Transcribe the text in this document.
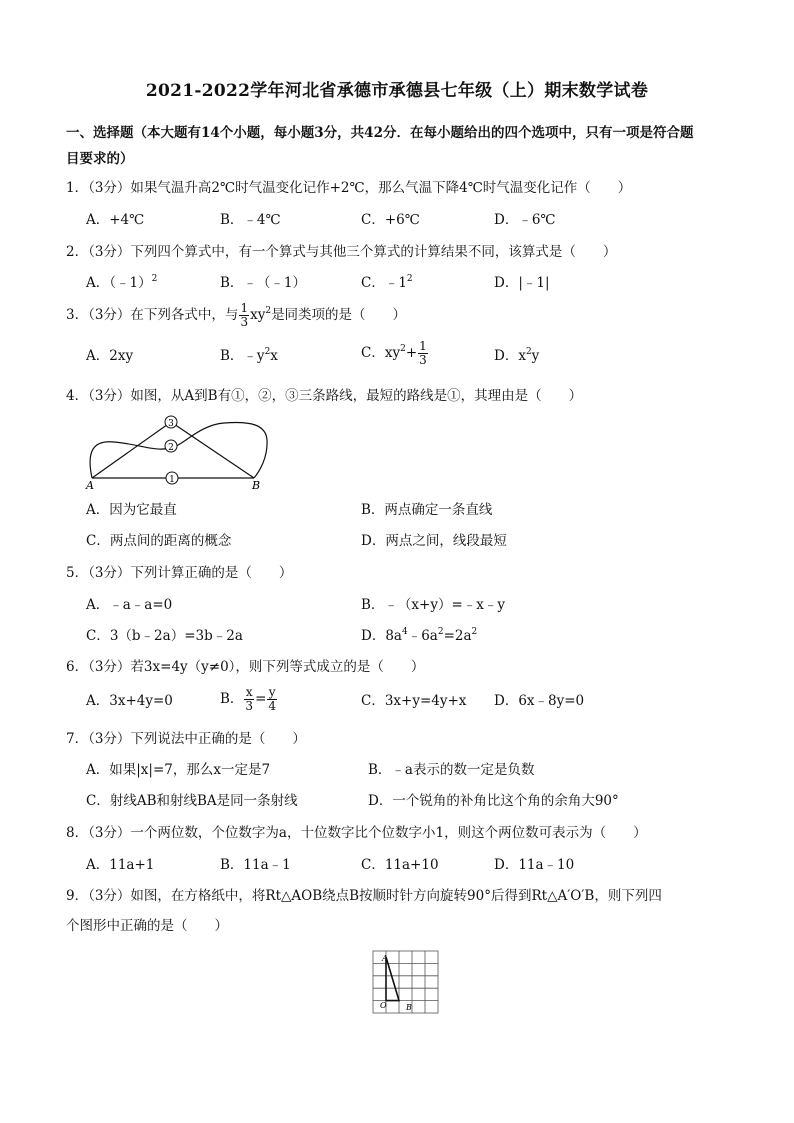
2021-2022学年河北省承德市承德县七年级（上）期末数学试卷
一、选择题（本大题有14个小题，每小题3分，共42分．在每小题给出的四个选项中，只有一项是符合题
目要求的）
1．（3分）如果气温升高2℃时气温变化记作+2℃，那么气温下降4℃时气温变化记作（　　）
A．+4℃	B．﹣4℃	C．+6℃	D．﹣6℃
2．（3分）下列四个算式中，有一个算式与其他三个算式的计算结果不同，该算式是（　　）
A．（﹣1）$^2$	B．﹣（﹣1）	C．$﹣1^2$	D．|﹣1|
3．（3分）在下列各式中，与 $\frac{1}{3} xy^2$是同类项的是（　　）
A．2xy	B．$﹣y^2x$	C．$xy^2+ \frac{1}{3}$	D．$x^2y$
4．（3分）如图，从A到B有①，②，③三条路线，最短的路线是①，其理由是（　　）
3
2
1
A	B
A．因为它最直	B．两点确定一条直线
C．两点间的距离的概念	D．两点之间，线段最短
5．（3分）下列计算正确的是（　　）
A．﹣a﹣a=0	B．﹣（x+y）=﹣x﹣y
C．3（b﹣2a）=3b﹣2a	D．$8a^4﹣6a^2=2a^2$
6．（3分）若3x=4y（y≠0），则下列等式成立的是（　　）
A．3x+4y=0	B． $\frac{x}{3} = \frac{y}{4}$	C．3x+y=4y+x D．6x﹣8y=0
7．（3分）下列说法中正确的是（　　）
A．如果|x|=7，那么x一定是7	B．﹣a表示的数一定是负数
C．射线AB和射线BA是同一条射线	D．一个锐角的补角比这个角的余角大90°
8．（3分）一个两位数，个位数字为a，十位数字比个位数字小1，则这个两位数可表示为（　　）
A．11a+1	B．11a﹣1	C．11a+10	D．11a﹣10
9．（3分）如图，在方格纸中，将Rt△AOB绕点B按顺时针方向旋转90°后得到Rt△A′O′B，则下列四
个图形中正确的是（　　）
A
O B
